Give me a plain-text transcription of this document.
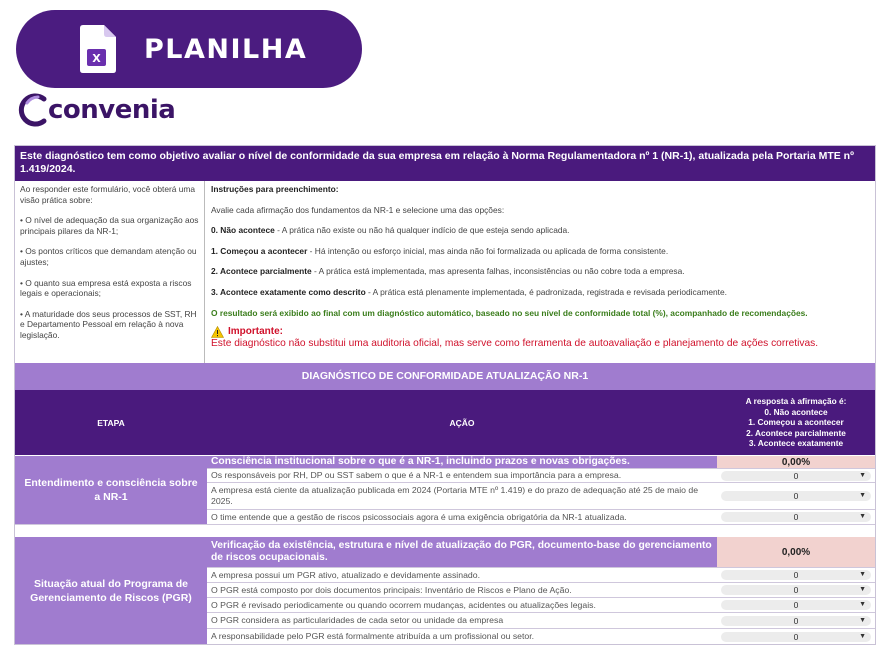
X PLANILHA
convenia
Este diagnóstico tem como objetivo avaliar o nível de conformidade da sua empresa em relação à Norma Regulamentadora nº 1 (NR-1), atualizada pela Portaria MTE nº 1.419/2024.

Ao responder este formulário, você obterá uma visão prática sobre:

• O nível de adequação da sua organização aos principais pilares da NR-1;

• Os pontos críticos que demandam atenção ou ajustes;

• O quanto sua empresa está exposta a riscos legais e operacionais;

• A maturidade dos seus processos de SST, RH e Departamento Pessoal em relação à nova legislação.

Instruções para preenchimento:
Avalie cada afirmação dos fundamentos da NR-1 e selecione uma das opções:
0. Não acontece - A prática não existe ou não há qualquer indício de que esteja sendo aplicada.
1. Começou a acontecer - Há intenção ou esforço inicial, mas ainda não foi formalizada ou aplicada de forma consistente.
2. Acontece parcialmente - A prática está implementada, mas apresenta falhas, inconsistências ou não cobre toda a empresa.
3. Acontece exatamente como descrito - A prática está plenamente implementada, é padronizada, registrada e revisada periodicamente.
O resultado será exibido ao final com um diagnóstico automático, baseado no seu nível de conformidade total (%), acompanhado de recomendações.
Importante:
Este diagnóstico não substitui uma auditoria oficial, mas serve como ferramenta de autoavaliação e planejamento de ações corretivas.
DIAGNÓSTICO DE CONFORMIDADE ATUALIZAÇÃO NR-1
ETAPA	AÇÃO
A resposta à afirmação é:
0. Não acontece
1. Começou a acontecer
2. Acontece parcialmente
3. Acontece exatamente
Entendimento e consciência sobre a NR-1
Consciência institucional sobre o que é a NR-1, incluindo prazos e novas obrigações.	0,00%
Os responsáveis por RH, DP ou SST sabem o que é a NR-1 e entendem sua importância para a empresa.	0	▼
A empresa está ciente da atualização publicada em 2024 (Portaria MTE nº 1.419) e do prazo de adequação até 25 de maio de 2025.	0	▼
O time entende que a gestão de riscos psicossociais agora é uma exigência obrigatória da NR-1 atualizada.	0	▼
Situação atual do Programa de Gerenciamento de Riscos (PGR)
Verificação da existência, estrutura e nível de atualização do PGR, documento-base do gerenciamento de riscos ocupacionais.	0,00%
A empresa possui um PGR ativo, atualizado e devidamente assinado.	0	▼
O PGR está composto por dois documentos principais: Inventário de Riscos e Plano de Ação.	0	▼
O PGR é revisado periodicamente ou quando ocorrem mudanças, acidentes ou atualizações legais.	0	▼
O PGR considera as particularidades de cada setor ou unidade da empresa	0	▼
A responsabilidade pelo PGR está formalmente atribuída a um profissional ou setor.	0	▼
